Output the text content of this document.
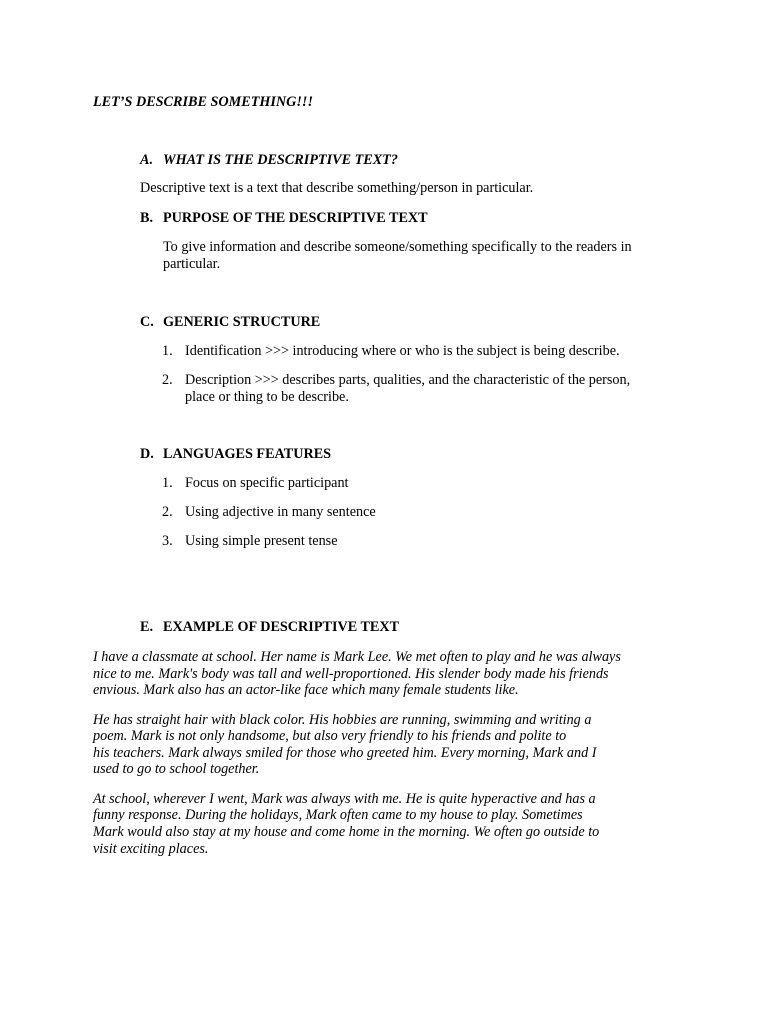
LET’S DESCRIBE SOMETHING!!!
A. WHAT IS THE DESCRIPTIVE TEXT?
Descriptive text is a text that describe something/person in particular.
B. PURPOSE OF THE DESCRIPTIVE TEXT
To give information and describe someone/something specifically to the readers in
particular.
C. GENERIC STRUCTURE
1. Identification >>> introducing where or who is the subject is being describe.
2. Description >>> describes parts, qualities, and the characteristic of the person,
place or thing to be describe.
D. LANGUAGES FEATURES
1. Focus on specific participant
2. Using adjective in many sentence
3. Using simple present tense
E. EXAMPLE OF DESCRIPTIVE TEXT
I have a classmate at school. Her name is Mark Lee. We met often to play and he was always
nice to me. Mark's body was tall and well-proportioned. His slender body made his friends
envious. Mark also has an actor-like face which many female students like.
He has straight hair with black color. His hobbies are running, swimming and writing a
poem. Mark is not only handsome, but also very friendly to his friends and polite to
his teachers. Mark always smiled for those who greeted him. Every morning, Mark and I
used to go to school together.
At school, wherever I went, Mark was always with me. He is quite hyperactive and has a
funny response. During the holidays, Mark often came to my house to play. Sometimes
Mark would also stay at my house and come home in the morning. We often go outside to
visit exciting places.
